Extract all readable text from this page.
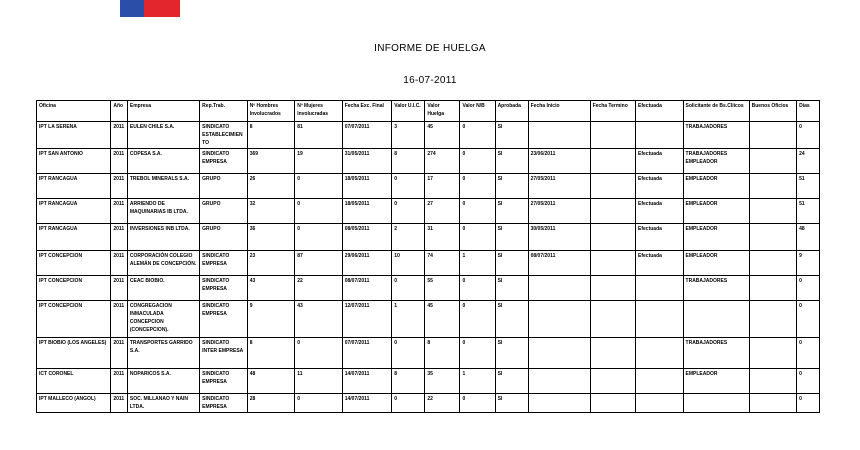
Gobierno de Chile
INFORME DE HUELGA
16-07-2011
Oficina	Año	Empresa	Rep.Trab.	Nº Hombres Involucrados	Nº Mujeres Involucradas	Fecha Exc. Final	Valor U.I.C.	Valor Huelga	Valor N/B	Aprobada	Fecha Inicio	Fecha Termino	Efectuada	Solicitante de Bs.Cliicos	Buenos Oficios	Días
IPT LA SERENA	2011	EULEN CHILE S.A.	SINDICATO ESTABLECIMIENTO	8	81	07/07/2011	3	45	0	SI				TRABAJADORES		0
IPT SAN ANTONIO	2011	COPESA S.A.	SINDICATO EMPRESA	369	19	31/05/2011	8	274	0	SI	23/06/2011		Efectuada	TRABAJADORES EMPLEADOR		24
IPT RANCAGUA	2011	TREBOL MINERALS S.A.	GRUPO	26	0	18/05/2011	0	17	0	SI	27/05/2011		Efectuada	EMPLEADOR		51
IPT RANCAGUA	2011	ARRIENDO DE MAQUINARIAS IB LTDA.	GRUPO	32	0	18/05/2011	0	27	0	SI	27/05/2011		Efectuada	EMPLEADOR		51
IPT RANCAGUA	2011	INVERSIONES INB LTDA.	GRUPO	36	0	08/05/2011	2	31	0	SI	30/05/2011		Efectuada	EMPLEADOR		48
IPT CONCEPCION	2011	CORPORACIÓN COLEGIO ALEMÁN DE CONCEPCIÓN.	SINDICATO EMPRESA	23	87	29/06/2011	10	74	1	SI	08/07/2011		Efectuada	EMPLEADOR		9
IPT CONCEPCION	2011	CEAC BIOBIO.	SINDICATO EMPRESA	43	22	08/07/2011	0	55	0	SI				TRABAJADORES		0
IPT CONCEPCION	2011	CONGREGACION INMACULADA CONCEPCION (CONCEPCION).	SINDICATO EMPRESA	9	43	12/07/2011	1	45	0	SI						0
IPT BIOBIO (LOS ANGELES)	2011	TRANSPORTES GARRIDO S.A.	SINDICATO INTER EMPRESA	8	0	07/07/2011	0	8	0	SI				TRABAJADORES		0
ICT CORONEL	2011	NOPARICOS S.A.	SINDICATO EMPRESA	48	11	14/07/2011	8	35	1	SI				EMPLEADOR		0
IPT MALLECO (ANGOL)	2011	SOC. MILLANAO Y NAIN LTDA.	SINDICATO EMPRESA	28	0	14/07/2011	0	22	0	SI						0
